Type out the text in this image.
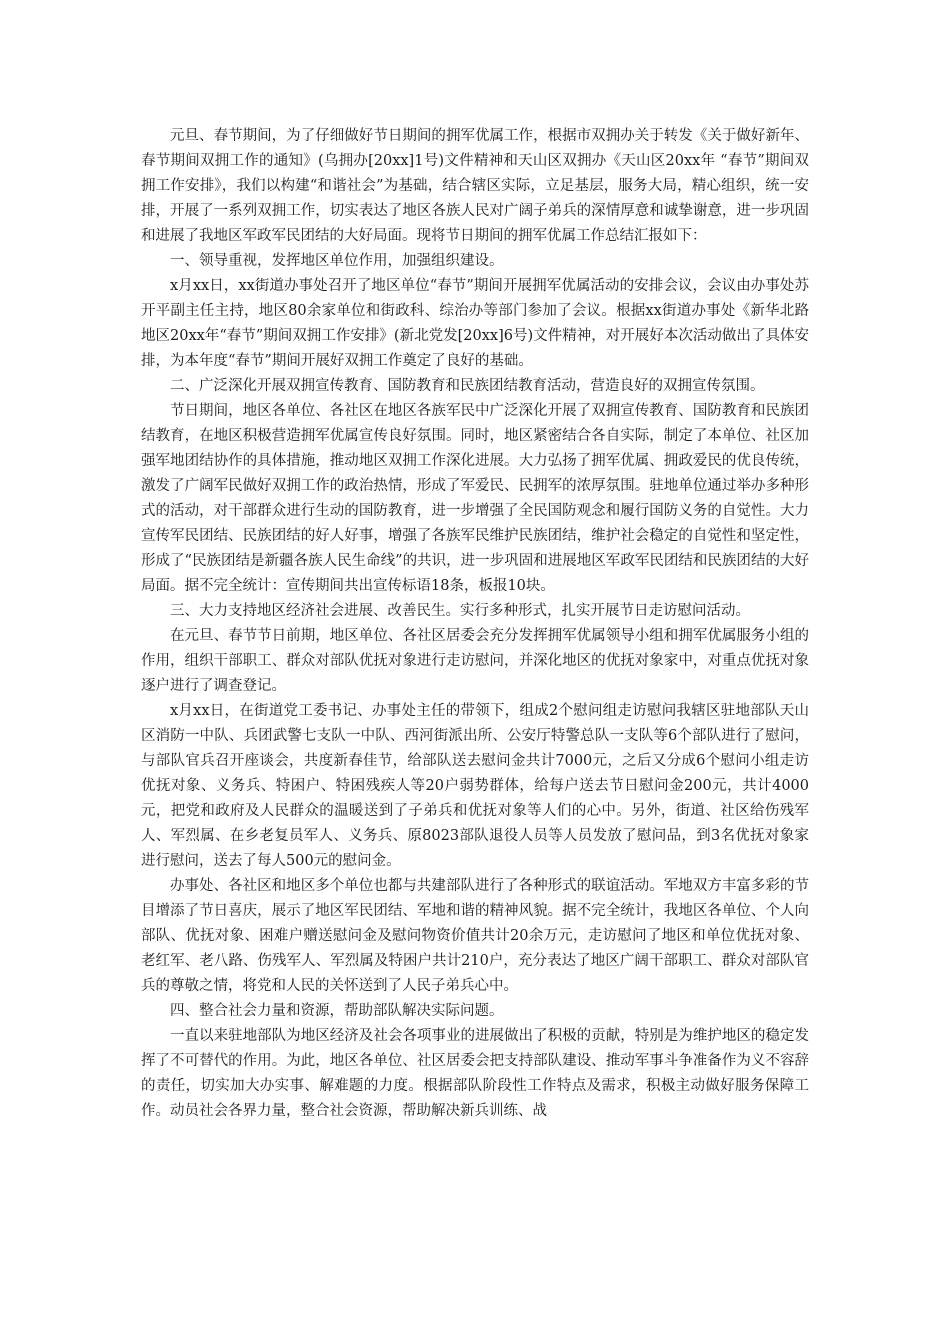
元旦、春节期间，为了仔细做好节日期间的拥军优属工作，根据市双拥办关于转发《关于做好新年、春节期间双拥工作的通知》(乌拥办[20xx]1号)文件精神和天山区双拥办《天山区20xx年 “春节”期间双拥工作安排》，我们以构建“和谐社会”为基础，结合辖区实际，立足基层，服务大局，精心组织，统一安排，开展了一系列双拥工作，切实表达了地区各族人民对广阔子弟兵的深情厚意和诚挚谢意，进一步巩固和进展了我地区军政军民团结的大好局面。现将节日期间的拥军优属工作总结汇报如下：

一、领导重视，发挥地区单位作用，加强组织建设。

x月xx日，xx街道办事处召开了地区单位“春节”期间开展拥军优属活动的安排会议，会议由办事处苏开平副主任主持，地区80余家单位和街政科、综治办等部门参加了会议。根据xx街道办事处《新华北路地区20xx年“春节”期间双拥工作安排》(新北党发[20xx]6号)文件精神，对开展好本次活动做出了具体安排，为本年度“春节”期间开展好双拥工作奠定了良好的基础。

二、广泛深化开展双拥宣传教育、国防教育和民族团结教育活动，营造良好的双拥宣传氛围。

节日期间，地区各单位、各社区在地区各族军民中广泛深化开展了双拥宣传教育、国防教育和民族团结教育，在地区积极营造拥军优属宣传良好氛围。同时，地区紧密结合各自实际，制定了本单位、社区加强军地团结协作的具体措施，推动地区双拥工作深化进展。大力弘扬了拥军优属、拥政爱民的优良传统，激发了广阔军民做好双拥工作的政治热情，形成了军爱民、民拥军的浓厚氛围。驻地单位通过举办多种形式的活动，对干部群众进行生动的国防教育，进一步增强了全民国防观念和履行国防义务的自觉性。大力宣传军民团结、民族团结的好人好事，增强了各族军民维护民族团结，维护社会稳定的自觉性和坚定性，形成了“民族团结是新疆各族人民生命线”的共识，进一步巩固和进展地区军政军民团结和民族团结的大好局面。据不完全统计：宣传期间共出宣传标语18条，板报10块。

三、大力支持地区经济社会进展、改善民生。实行多种形式，扎实开展节日走访慰问活动。

在元旦、春节节日前期，地区单位、各社区居委会充分发挥拥军优属领导小组和拥军优属服务小组的作用，组织干部职工、群众对部队优抚对象进行走访慰问，并深化地区的优抚对象家中，对重点优抚对象逐户进行了调查登记。

x月xx日，在街道党工委书记、办事处主任的带领下，组成2个慰问组走访慰问我辖区驻地部队天山区消防一中队、兵团武警七支队一中队、西河街派出所、公安厅特警总队一支队等6个部队进行了慰问，与部队官兵召开座谈会，共度新春佳节，给部队送去慰问金共计7000元，之后又分成6个慰问小组走访优抚对象、义务兵、特困户、特困残疾人等20户弱势群体，给每户送去节日慰问金200元，共计4000元，把党和政府及人民群众的温暖送到了子弟兵和优抚对象等人们的心中。另外，街道、社区给伤残军人、军烈属、在乡老复员军人、义务兵、原8023部队退役人员等人员发放了慰问品，到3名优抚对象家进行慰问，送去了每人500元的慰问金。

办事处、各社区和地区多个单位也都与共建部队进行了各种形式的联谊活动。军地双方丰富多彩的节目增添了节日喜庆，展示了地区军民团结、军地和谐的精神风貌。据不完全统计，我地区各单位、个人向部队、优抚对象、困难户赠送慰问金及慰问物资价值共计20余万元，走访慰问了地区和单位优抚对象、老红军、老八路、伤残军人、军烈属及特困户共计210户，充分表达了地区广阔干部职工、群众对部队官兵的尊敬之情，将党和人民的关怀送到了人民子弟兵心中。

四、整合社会力量和资源，帮助部队解决实际问题。

一直以来驻地部队为地区经济及社会各项事业的进展做出了积极的贡献，特别是为维护地区的稳定发挥了不可替代的作用。为此，地区各单位、社区居委会把支持部队建设、推动军事斗争准备作为义不容辞的责任，切实加大办实事、解难题的力度。根据部队阶段性工作特点及需求，积极主动做好服务保障工作。动员社会各界力量，整合社会资源，帮助解决新兵训练、战
